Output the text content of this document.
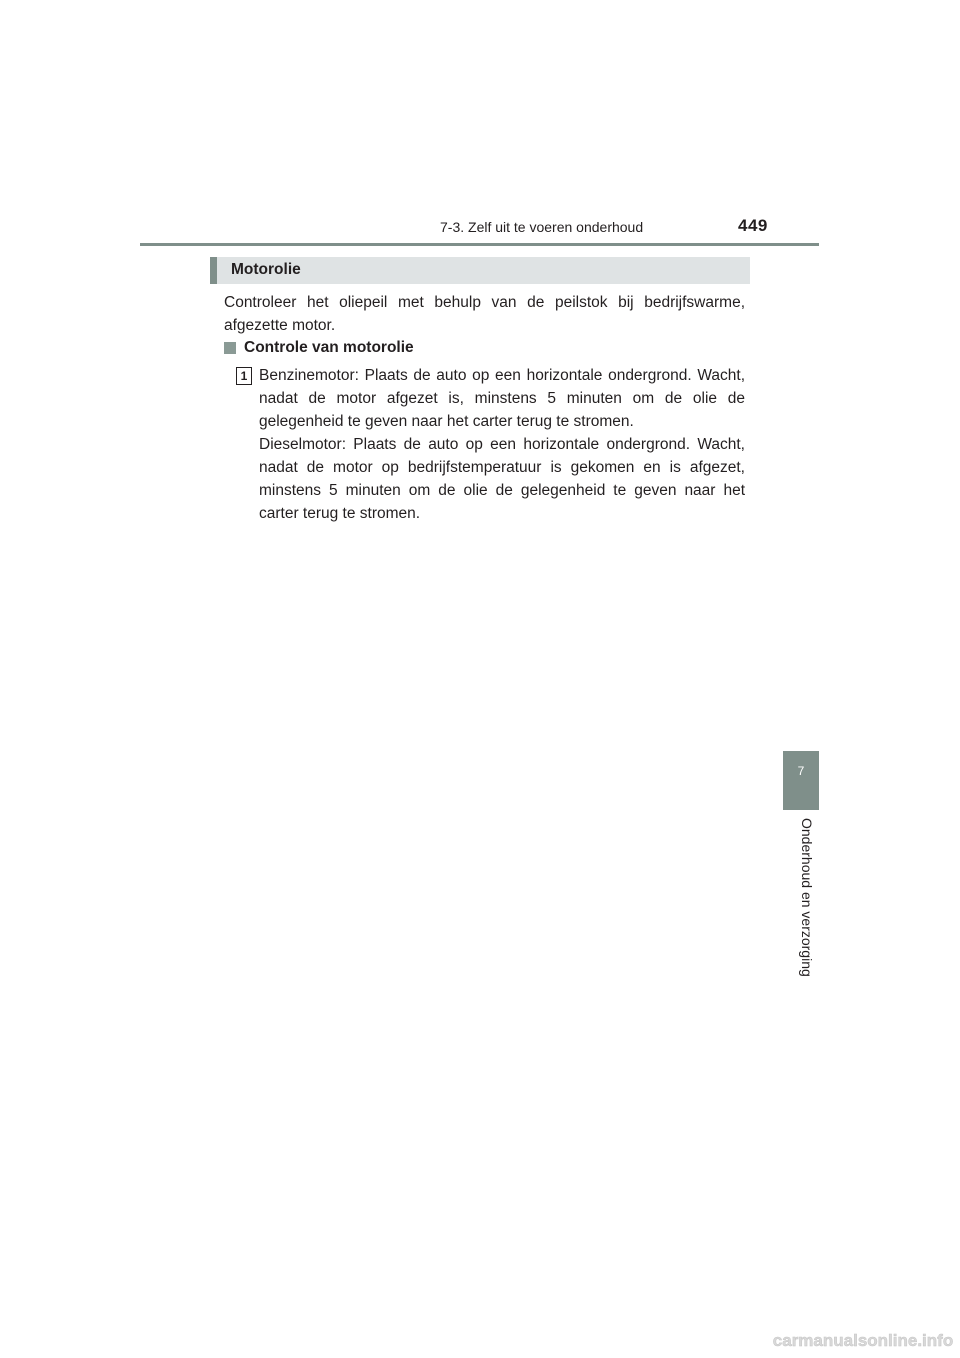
7-3. Zelf uit te voeren onderhoud	449
Motorolie

Controleer het oliepeil met behulp van de peilstok bij bedrijfswarme, afgezette motor.

Controle van motorolie
1 Benzinemotor: Plaats de auto op een horizontale ondergrond. Wacht, nadat de motor afgezet is, minstens 5 minuten om de olie de gelegenheid te geven naar het carter terug te stromen.

Dieselmotor: Plaats de auto op een horizontale ondergrond. Wacht, nadat de motor op bedrijfstemperatuur is gekomen en is afgezet, minstens 5 minuten om de olie de gelegenheid te geven naar het carter terug te stromen.

7
Onderhoud en verzorging
carmanualsonline.info
